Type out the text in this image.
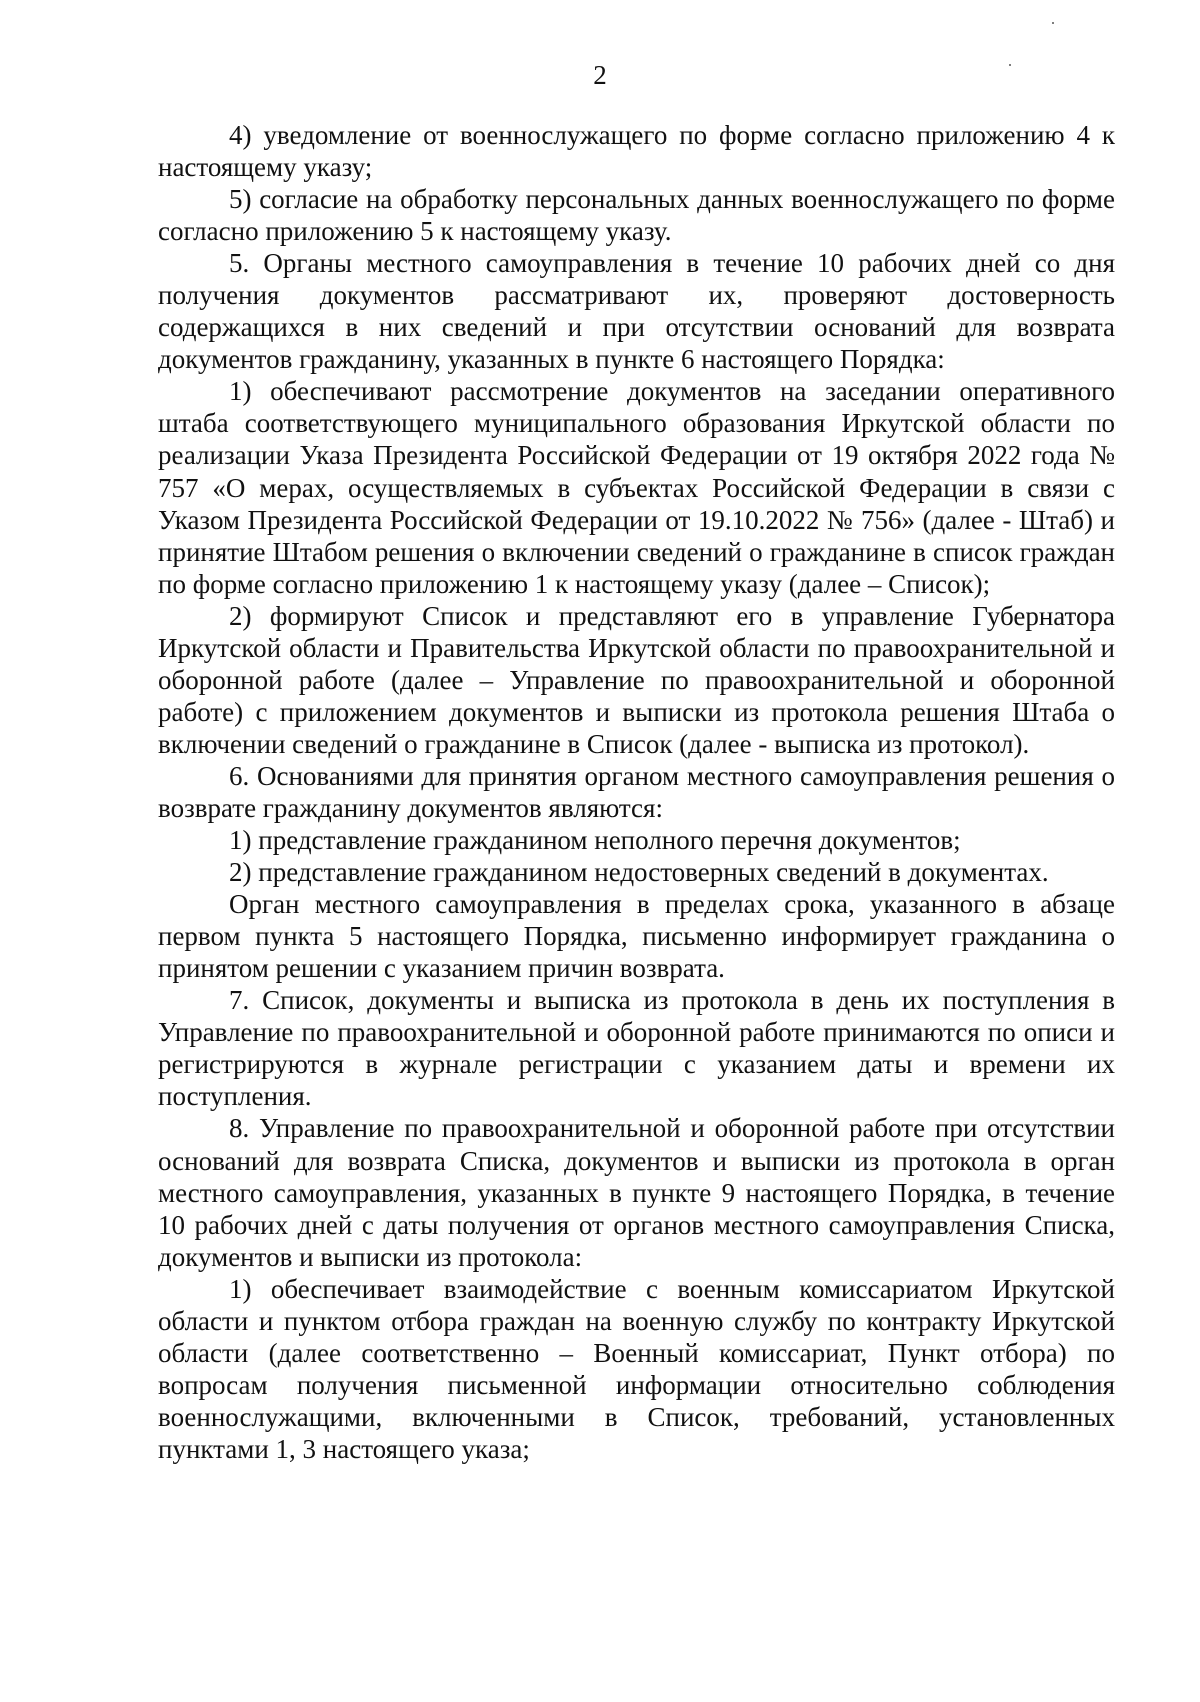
2

4) уведомление от военнослужащего по форме согласно приложению 4 к настоящему указу;

5) согласие на обработку персональных данных военнослужащего по форме согласно приложению 5 к настоящему указу.

5. Органы местного самоуправления в течение 10 рабочих дней со дня получения документов рассматривают их, проверяют достоверность содержащихся в них сведений и при отсутствии оснований для возврата документов гражданину, указанных в пункте 6 настоящего Порядка:

1) обеспечивают рассмотрение документов на заседании оперативного штаба соответствующего муниципального образования Иркутской области по реализации Указа Президента Российской Федерации от 19 октября 2022 года № 757 «О мерах, осуществляемых в субъектах Российской Федерации в связи с Указом Президента Российской Федерации от 19.10.2022 № 756» (далее - Штаб) и принятие Штабом решения о включении сведений о гражданине в список граждан по форме согласно приложению 1 к настоящему указу (далее – Список);

2) формируют Список и представляют его в управление Губернатора Иркутской области и Правительства Иркутской области по правоохранительной и оборонной работе (далее – Управление по правоохранительной и оборонной работе) с приложением документов и выписки из протокола решения Штаба о включении сведений о гражданине в Список (далее - выписка из протокол).

6. Основаниями для принятия органом местного самоуправления решения о возврате гражданину документов являются:

1) представление гражданином неполного перечня документов;

2) представление гражданином недостоверных сведений в документах.

Орган местного самоуправления в пределах срока, указанного в абзаце первом пункта 5 настоящего Порядка, письменно информирует гражданина о принятом решении с указанием причин возврата.

7. Список, документы и выписка из протокола в день их поступления в Управление по правоохранительной и оборонной работе принимаются по описи и регистрируются в журнале регистрации с указанием даты и времени их поступления.

8. Управление по правоохранительной и оборонной работе при отсутствии оснований для возврата Списка, документов и выписки из протокола в орган местного самоуправления, указанных в пункте 9 настоящего Порядка, в течение 10 рабочих дней с даты получения от органов местного самоуправления Списка, документов и выписки из протокола:

1) обеспечивает взаимодействие с военным комиссариатом Иркутской области и пунктом отбора граждан на военную службу по контракту Иркутской области (далее соответственно – Военный комиссариат, Пункт отбора) по вопросам получения письменной информации относительно соблюдения военнослужащими, включенными в Список, требований, установленных пунктами 1, 3 настоящего указа;
